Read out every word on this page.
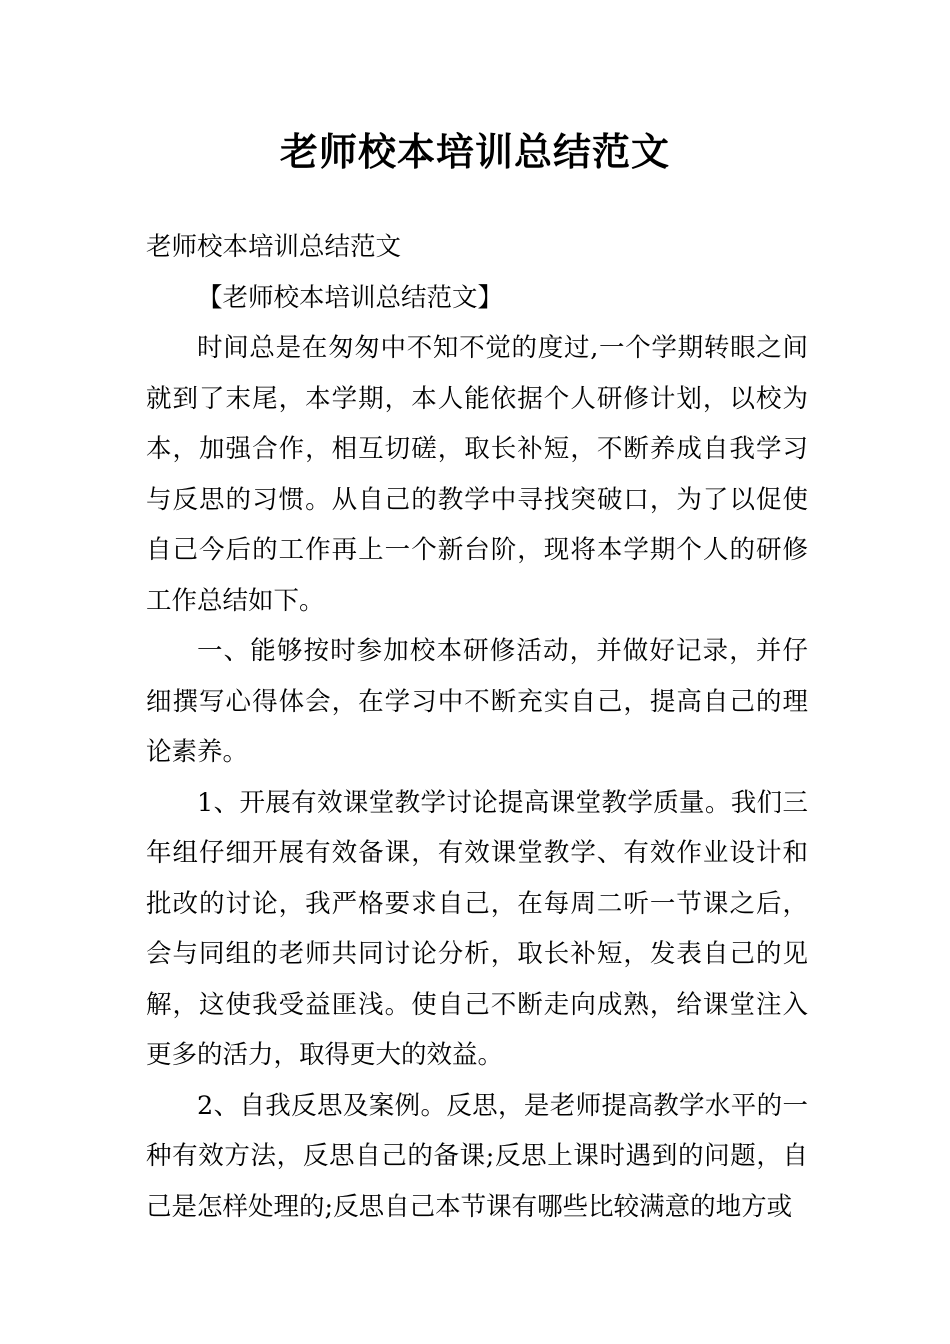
老师校本培训总结范文

老师校本培训总结范文

【老师校本培训总结范文】

时间总是在匆匆中不知不觉的度过,一个学期转眼之间就到了末尾，本学期，本人能依据个人研修计划，以校为本，加强合作，相互切磋，取长补短，不断养成自我学习与反思的习惯。从自己的教学中寻找突破口，为了以促使自己今后的工作再上一个新台阶，现将本学期个人的研修工作总结如下。

一、能够按时参加校本研修活动，并做好记录，并仔细撰写心得体会，在学习中不断充实自己，提高自己的理论素养。

1、开展有效课堂教学讨论提高课堂教学质量。我们三年组仔细开展有效备课，有效课堂教学、有效作业设计和批改的讨论，我严格要求自己，在每周二听一节课之后，会与同组的老师共同讨论分析，取长补短，发表自己的见解，这使我受益匪浅。使自己不断走向成熟，给课堂注入更多的活力，取得更大的效益。

2、自我反思及案例。反思，是老师提高教学水平的一种有效方法，反思自己的备课;反思上课时遇到的问题，自己是怎样处理的;反思自己本节课有哪些比较满意的地方或
